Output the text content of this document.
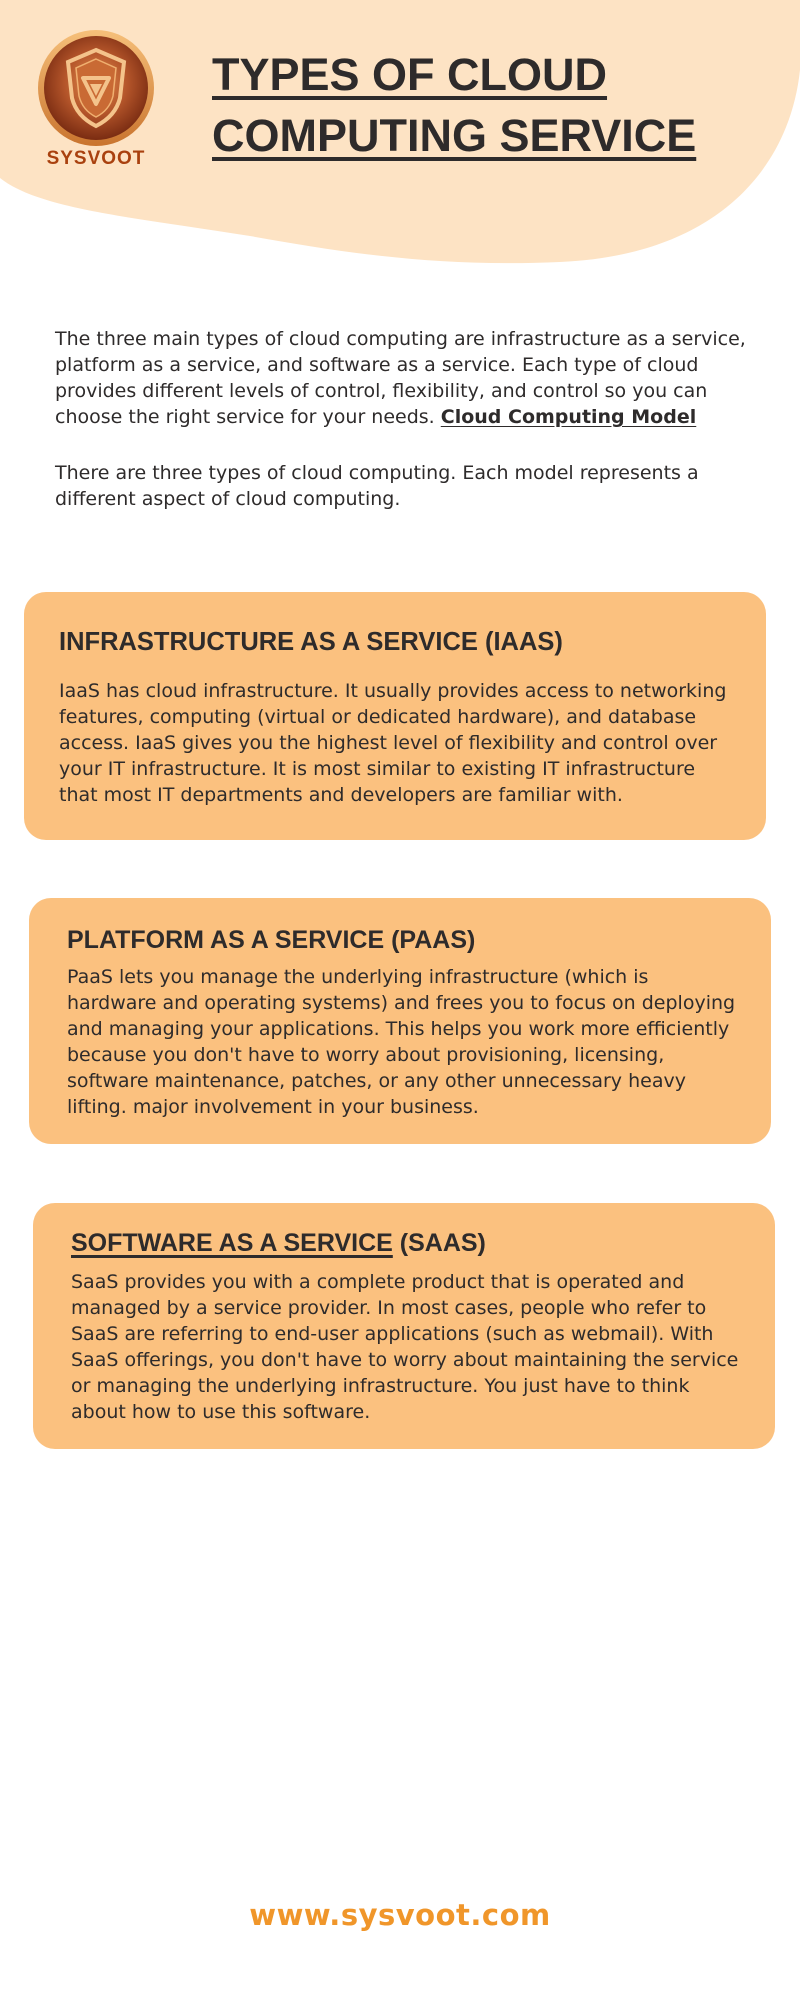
SYSVOOT
TYPES OF CLOUD COMPUTING SERVICE

The three main types of cloud computing are infrastructure as a service, platform as a service, and software as a service. Each type of cloud provides different levels of control, flexibility, and control so you can choose the right service for your needs. Cloud Computing Model

There are three types of cloud computing. Each model represents a different aspect of cloud computing.

INFRASTRUCTURE AS A SERVICE (IAAS)

IaaS has cloud infrastructure. It usually provides access to networking features, computing (virtual or dedicated hardware), and database access. IaaS gives you the highest level of flexibility and control over your IT infrastructure. It is most similar to existing IT infrastructure that most IT departments and developers are familiar with.

PLATFORM AS A SERVICE (PAAS)

PaaS lets you manage the underlying infrastructure (which is hardware and operating systems) and frees you to focus on deploying and managing your applications. This helps you work more efficiently because you don't have to worry about provisioning, licensing, software maintenance, patches, or any other unnecessary heavy lifting. major involvement in your business.

SOFTWARE AS A SERVICE (SAAS)

SaaS provides you with a complete product that is operated and managed by a service provider. In most cases, people who refer to SaaS are referring to end-user applications (such as webmail). With SaaS offerings, you don't have to worry about maintaining the service or managing the underlying infrastructure. You just have to think about how to use this software.

www.sysvoot.com
